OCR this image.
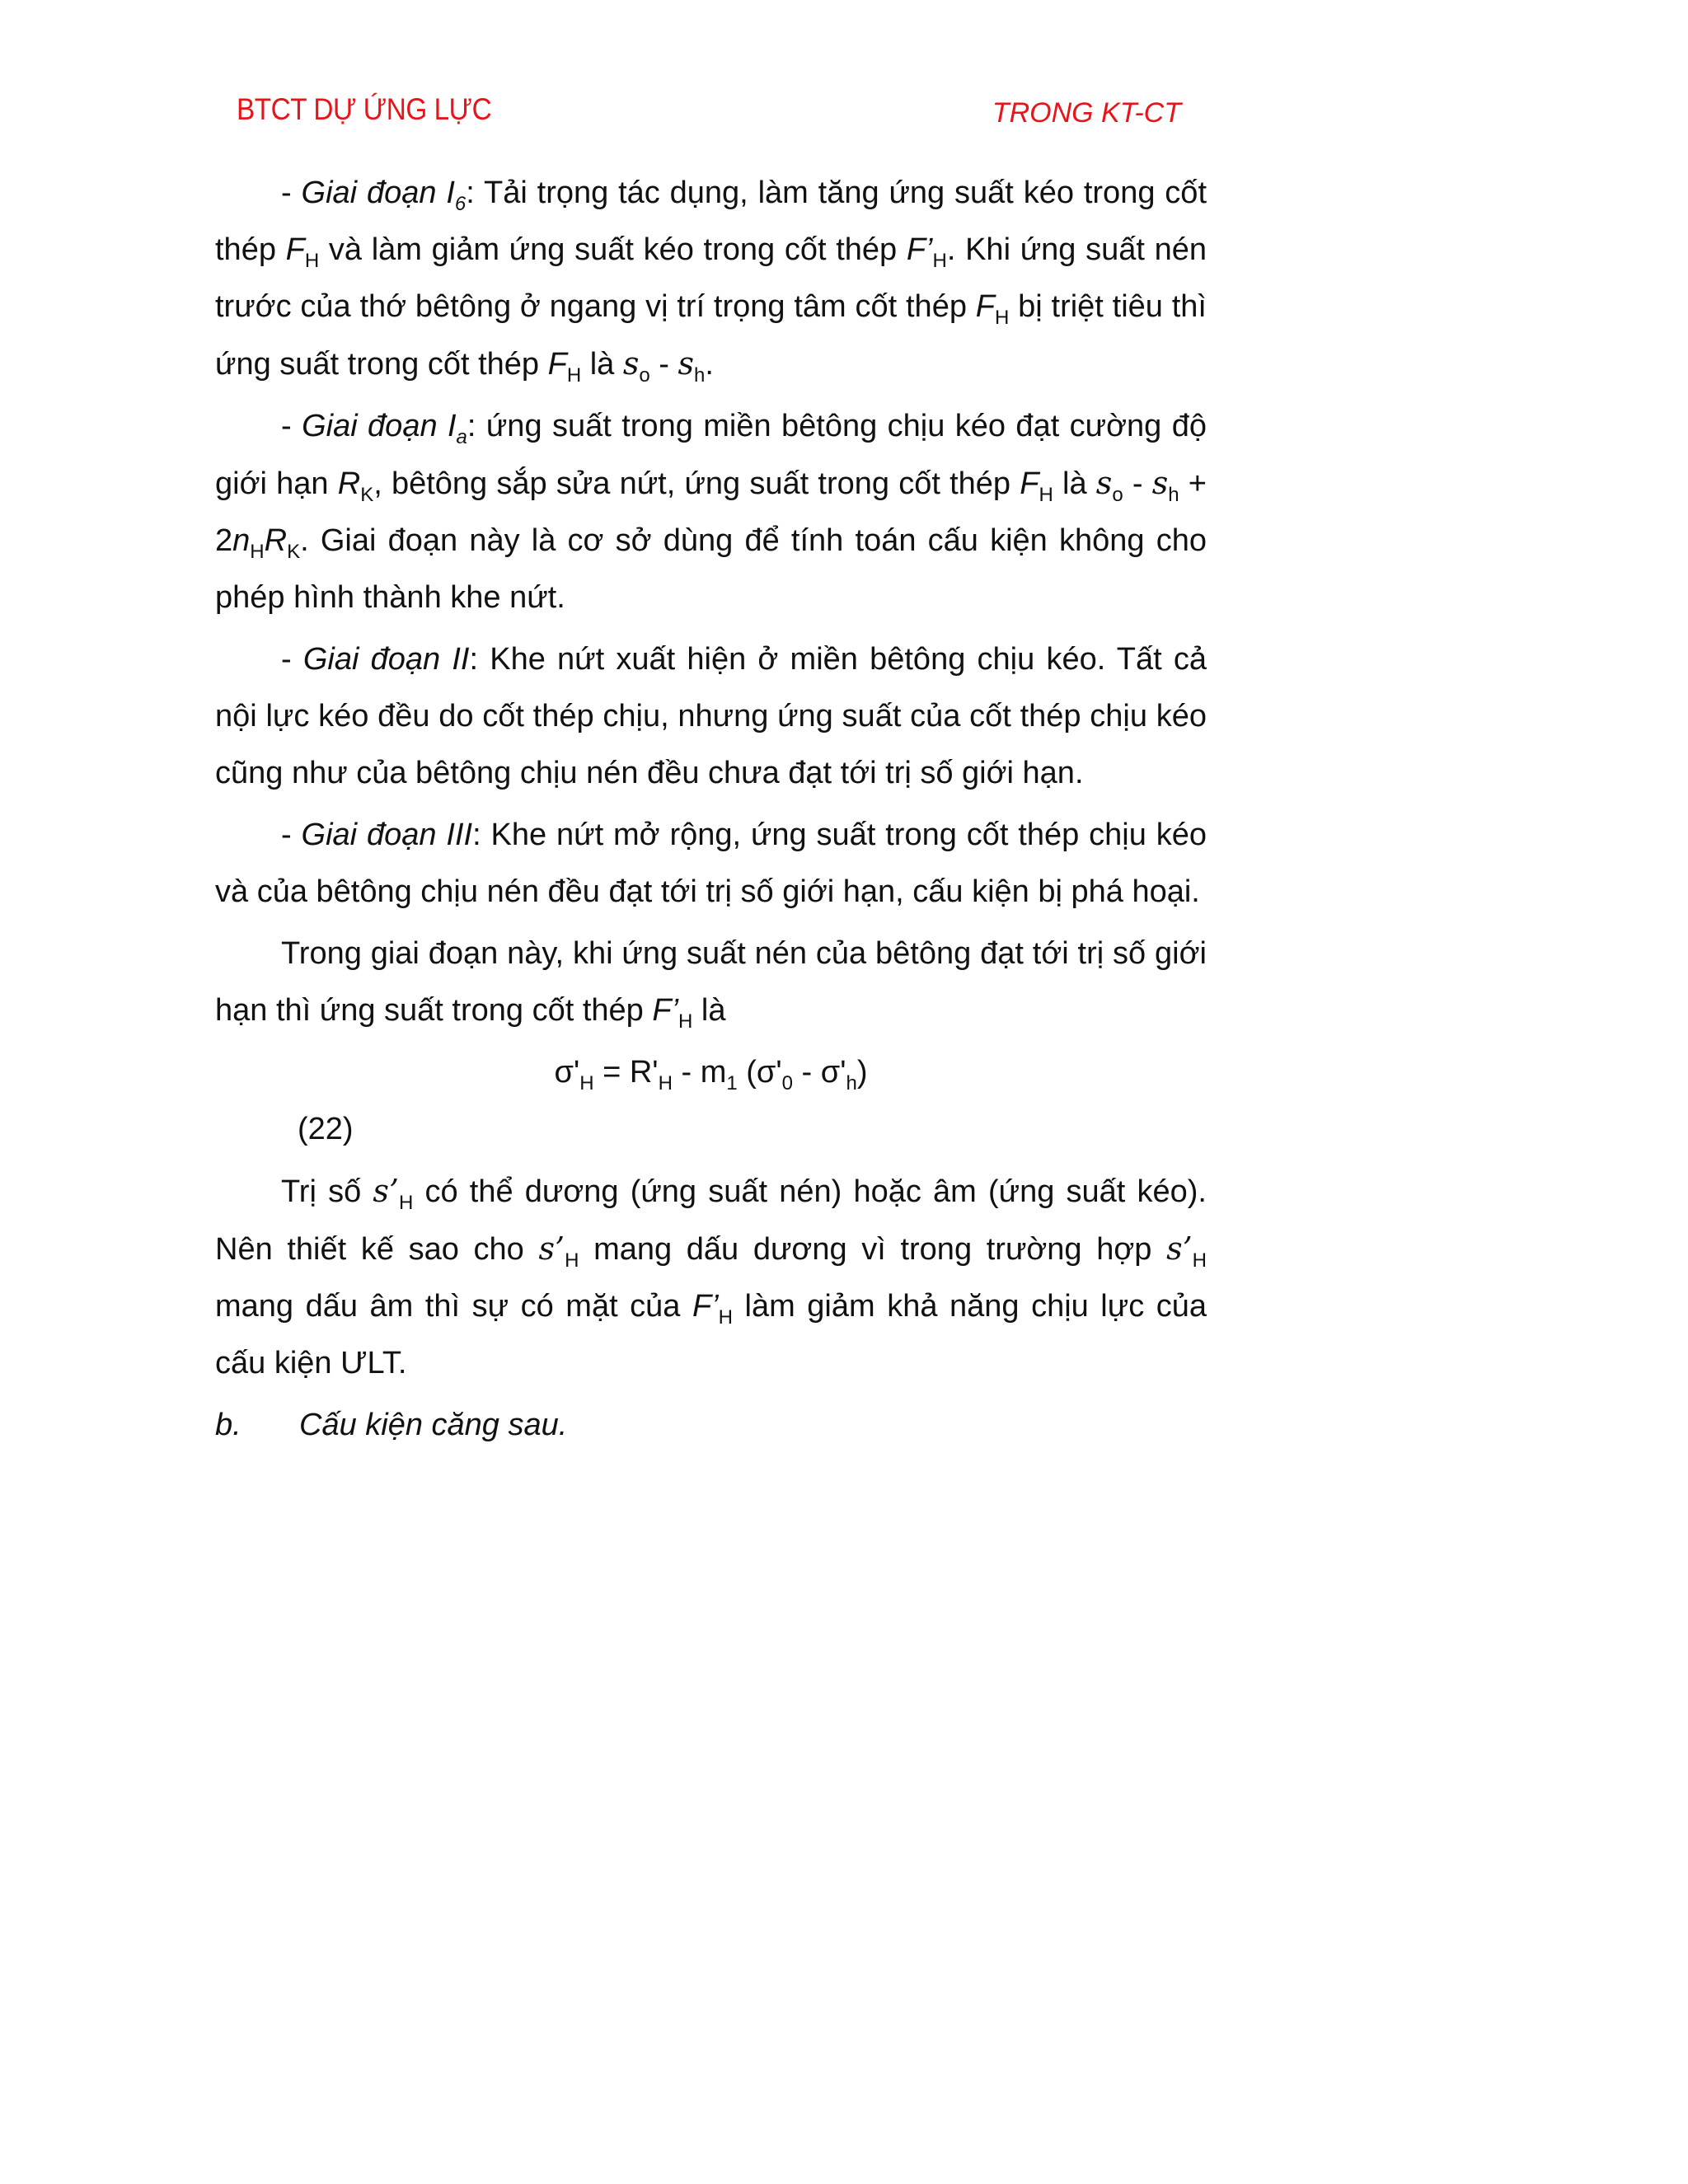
BTCT DỰ ỨNG LỰC	TRONG KT-CT

- Giai đoạn $I_6$: Tải trọng tác dụng, làm tăng ứng suất kéo trong cốt thép $F_H$ và làm giảm ứng suất kéo trong cốt thép $F’_H$. Khi ứng suất nén trước của thớ bêtông ở ngang vị trí trọng tâm cốt thép $F_H$ bị triệt tiêu thì ứng suất trong cốt thép $F_H$ là $s_o - s_h$.

- Giai đoạn $I_a$: ứng suất trong miền bêtông chịu kéo đạt cường độ giới hạn $R_K$, bêtông sắp sửa nứt, ứng suất trong cốt thép $F_H$ là $s_o - s_h + 2n_HR_K$. Giai đoạn này là cơ sở dùng để tính toán cấu kiện không cho phép hình thành khe nứt.

- Giai đoạn II: Khe nứt xuất hiện ở miền bêtông chịu kéo. Tất cả nội lực kéo đều do cốt thép chịu, nhưng ứng suất của cốt thép chịu kéo cũng như của bêtông chịu nén đều chưa đạt tới trị số giới hạn.

- Giai đoạn III: Khe nứt mở rộng, ứng suất trong cốt thép chịu kéo và của bêtông chịu nén đều đạt tới trị số giới hạn, cấu kiện bị phá hoại.

Trong giai đoạn này, khi ứng suất nén của bêtông đạt tới trị số giới hạn thì ứng suất trong cốt thép $F’_H$ là

$\sigma'_H = R'_H - m_1$ $(\sigma'_0 - \sigma'_h)$

(22)

Trị số $s’_H$ có thể dương (ứng suất nén) hoặc âm (ứng suất kéo). Nên thiết kế sao cho $s’_H$ mang dấu dương vì trong trường hợp $s’_H$ mang dấu âm thì sự có mặt của $F’_H$ làm giảm khả năng chịu lực của cấu kiện ƯLT.

b. Cấu kiện căng sau.
